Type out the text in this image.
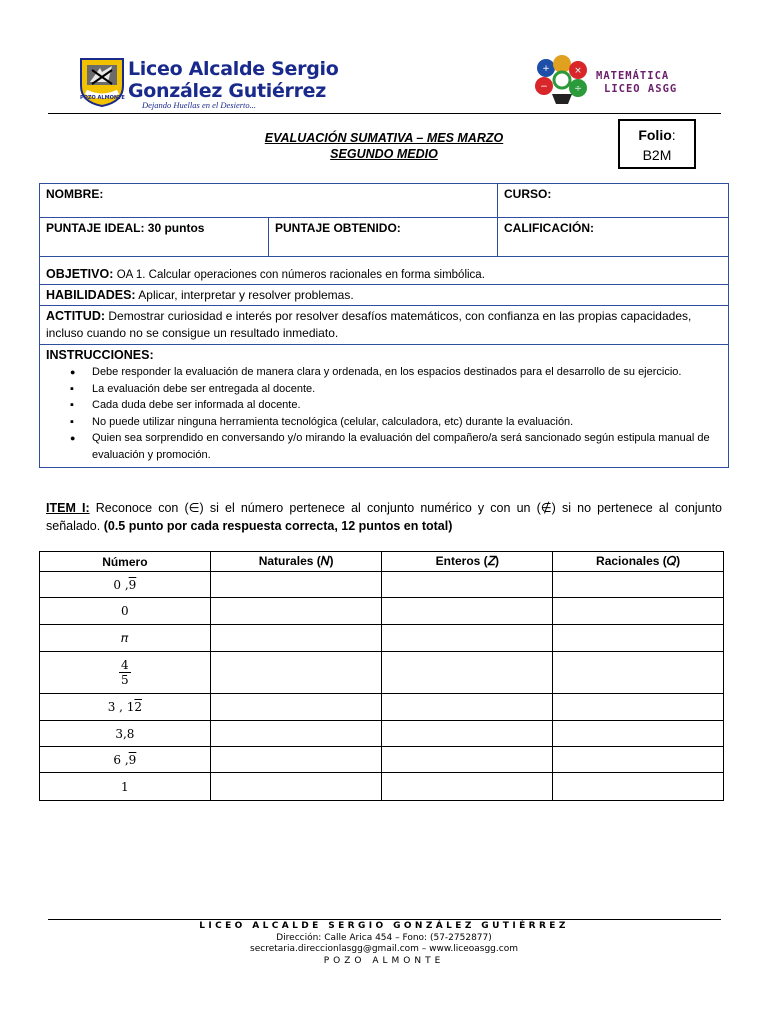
POZO ALMONTE
Liceo Alcalde Sergio
González Gutiérrez
Dejando Huellas en el Desierto...
+	×
−	÷
MATEMÁTICA
LICEO ASGG
EVALUACIÓN SUMATIVA – MES MARZO
SEGUNDO MEDIO
Folio:
B2M
NOMBRE:	CURSO:
PUNTAJE IDEAL: 30 puntos	PUNTAJE OBTENIDO:	CALIFICACIÓN:
OBJETIVO: OA 1. Calcular operaciones con números racionales en forma simbólica.
HABILIDADES: Aplicar, interpretar y resolver problemas.
ACTITUD: Demostrar curiosidad e interés por resolver desafíos matemáticos, con confianza en las propias capacidades, incluso cuando no se consigue un resultado inmediato.
INSTRUCCIONES:
● Debe responder la evaluación de manera clara y ordenada, en los espacios destinados para el desarrollo de su ejercicio.
▪ La evaluación debe ser entregada al docente.
▪ Cada duda debe ser informada al docente.
▪ No puede utilizar ninguna herramienta tecnológica (celular, calculadora, etc) durante la evaluación.
● Quien sea sorprendido en conversando y/o mirando la evaluación del compañero/a será sancionado según estipula manual de evaluación y promoción.
ITEM I: Reconoce con (∈) si el número pertenece al conjunto numérico y con un (∉) si no pertenece al conjunto señalado. (0.5 punto por cada respuesta correcta, 12 puntos en total)
Número	Naturales (𝑁)	Enteros (𝑍)	Racionales (𝑄)
0 ,9			
0			
𝜋			

$\frac{4}{5}$

3 , 12			
3,8			
6 ,9			
1			
LICEO ALCALDE SERGIO GONZÁLEZ GUTIÉRREZ
Dirección: Calle Arica 454 – Fono: (57-2752877)
secretaria.direccionlasgg@gmail.com – www.liceoasgg.com
POZO ALMONTE
